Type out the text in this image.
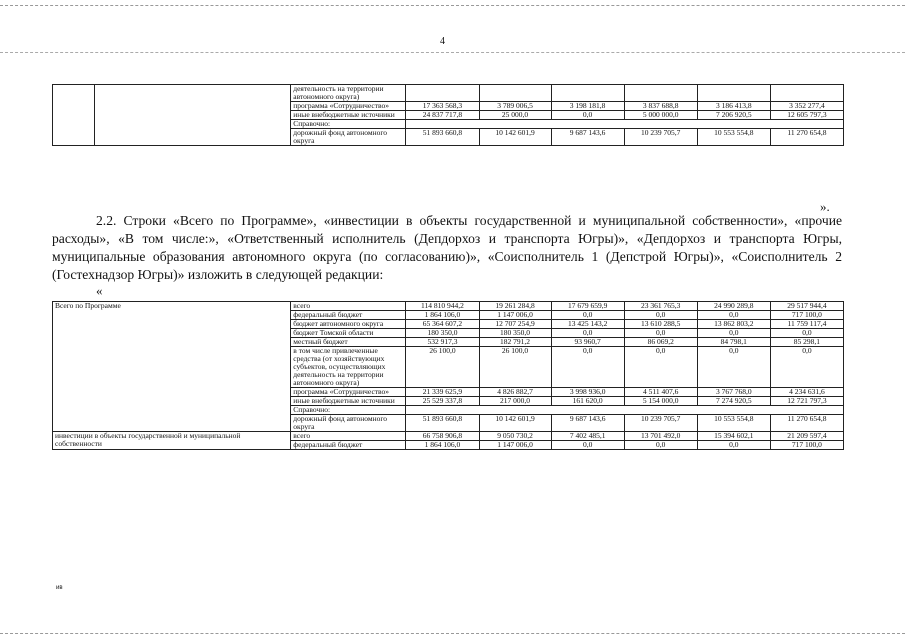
4
		деятельность на территории автономного округа)						
		программа «Сотрудничество»	17 363 568,3	3 789 006,5	3 198 181,8	3 837 688,8	3 186 413,8	3 352 277,4
		иные внебюджетные источники	24 837 717,8	25 000,0	0,0	5 000 000,0	7 206 920,5	12 605 797,3
		Справочно:						
		дорожный фонд автономного округа	51 893 660,8	10 142 601,9	9 687 143,6	10 239 705,7	10 553 554,8	11 270 654,8
».
2.2. Строки «Всего по Программе», «инвестиции в объекты государственной и муниципальной собственности», «прочие расходы», «В том числе:», «Ответственный исполнитель (Депдорхоз и транспорта Югры)», «Депдорхоз и транспорта Югры, муниципальные образования автономного округа (по согласованию)», «Соисполнитель 1 (Депстрой Югры)», «Соисполнитель 2 (Гостехнадзор Югры)» изложить в следующей редакции:
«
Всего по Программе	всего	114 810 944,2	19 261 284,8	17 679 659,9	23 361 765,3	24 990 289,8	29 517 944,4
	федеральный бюджет	1 864 106,0	1 147 006,0	0,0	0,0	0,0	717 100,0
	бюджет автономного округа	65 364 607,2	12 707 254,9	13 425 143,2	13 610 288,5	13 862 803,2	11 759 117,4
	бюджет Томской области	180 350,0	180 350,0	0,0	0,0	0,0	0,0
	местный бюджет	532 917,3	182 791,2	93 960,7	86 069,2	84 798,1	85 298,1
	в том числе привлеченные средства (от хозяйствующих субъектов, осуществляющих деятельность на территории автономного округа)	26 100,0	26 100,0	0,0	0,0	0,0	0,0
	программа «Сотрудничество»	21 339 625,9	4 826 882,7	3 998 936,0	4 511 407,6	3 767 768,0	4 234 631,6
	иные внебюджетные источники	25 529 337,8	217 000,0	161 620,0	5 154 000,0	7 274 920,5	12 721 797,3
	Справочно:						
	дорожный фонд автономного округа	51 893 660,8	10 142 601,9	9 687 143,6	10 239 705,7	10 553 554,8	11 270 654,8
инвестиции в объекты государственной и муниципальной собственности	всего	66 758 906,8	9 050 730,2	7 402 485,1	13 701 492,0	15 394 602,1	21 209 597,4
	федеральный бюджет	1 864 106,0	1 147 006,0	0,0	0,0	0,0	717 100,0
ив
